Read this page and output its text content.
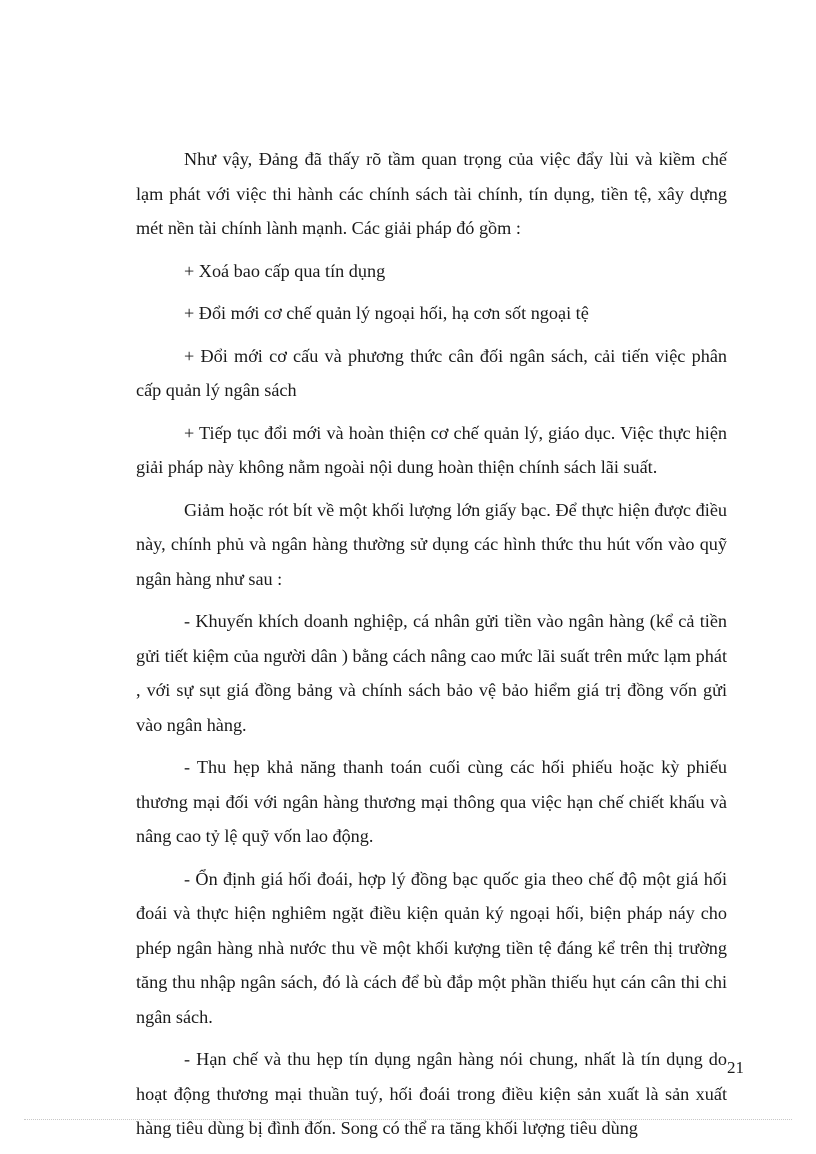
Như vậy, Đảng đã thấy rõ tầm quan trọng của việc đẩy lùi và kiềm chế lạm phát với việc thi hành các chính sách tài chính, tín dụng, tiền tệ, xây dựng mét nền tài chính lành mạnh. Các giải pháp đó gồm :

+ Xoá bao cấp qua tín dụng

+ Đổi mới cơ chế quản lý ngoại hối, hạ cơn sốt ngoại tệ

+ Đổi mới cơ cấu và phương thức cân đối ngân sách, cải tiến việc phân cấp quản lý ngân sách

+ Tiếp tục đổi mới và hoàn thiện cơ chế quản lý, giáo dục. Việc thực hiện giải pháp này không nằm ngoài nội dung hoàn thiện chính sách lãi suất.

Giảm hoặc rót bít về một khối lượng lớn giấy bạc. Để thực hiện được điều này, chính phủ và ngân hàng thường sử dụng các hình thức thu hút vốn vào quỹ ngân hàng như sau :

- Khuyến khích doanh nghiệp, cá nhân gửi tiền vào ngân hàng (kể cả tiền gửi tiết kiệm của người dân ) bằng cách nâng cao mức lãi suất trên mức lạm phát , với sự sụt giá đồng bảng và chính sách bảo vệ bảo hiểm giá trị đồng vốn gửi vào ngân hàng.

- Thu hẹp khả năng thanh toán cuối cùng các hối phiếu hoặc kỳ phiếu thương mại đối với ngân hàng thương mại thông qua việc hạn chế chiết khấu và nâng cao tỷ lệ quỹ vốn lao động.

- Ổn định giá hối đoái, hợp lý đồng bạc quốc gia theo chế độ một giá hối đoái và thực hiện nghiêm ngặt điều kiện quản ký ngoại hối, biện pháp náy cho phép ngân hàng nhà nước thu về một khối kượng tiền tệ đáng kể trên thị trường tăng thu nhập ngân sách, đó là cách để bù đắp một phần thiếu hụt cán cân thi chi ngân sách.

- Hạn chế và thu hẹp tín dụng ngân hàng nói chung, nhất là tín dụng do hoạt động thương mại thuần tuý, hối đoái trong điều kiện sản xuất là sản xuất hàng tiêu dùng bị đình đốn. Song có thể ra tăng khối lượng tiêu dùng

21
